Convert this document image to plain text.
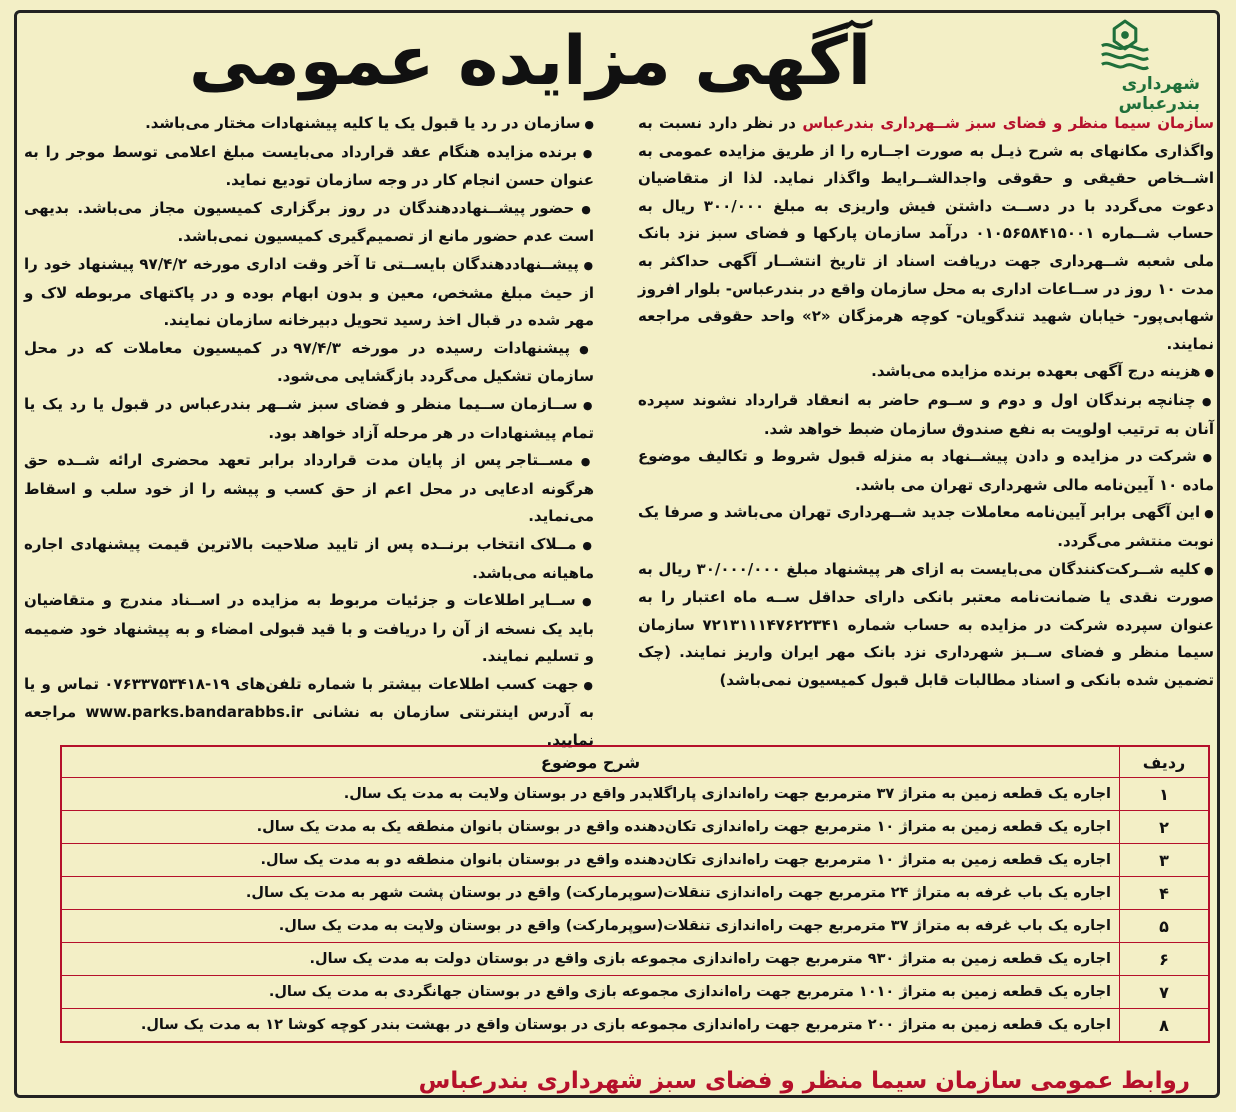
شهرداری بندرعباس
آگهی مزایده عمومی

سازمان سیما منظر و فضای سبز شــهرداری بندرعباس در نظر دارد نسبت به واگذاری مکانهای به شرح ذیـل به صورت اجــاره را از طریق مزایده عمومی به اشــخاص حقیقی و حقوقی واجدالشــرایط واگذار نماید. لذا از متقاضیان دعوت می‌گردد با در دســت داشتن فیش واریزی به مبلغ ۳۰۰/۰۰۰ ریال به حساب شــماره ۰۱۰۵۶۵۸۴۱۵۰۰۱ درآمد سازمان پارکها و فضای سبز نزد بانک ملی شعبه شــهرداری جهت دریافت اسناد از تاریخ انتشــار آگهی حداکثر به مدت ۱۰ روز در ســاعات اداری به محل سازمان واقع در بندرعباس- بلوار افروز شهابی‌پور- خیابان شهید تندگویان- کوچه هرمزگان «۲» واحد حقوقی مراجعه نمایند.

● هزینه درج آگهی بعهده برنده مزایده می‌باشد.

● چنانچه برندگان اول و دوم و ســوم حاضر به انعقاد قرارداد نشوند سپرده آنان به ترتیب اولویت به نفع صندوق سازمان ضبط خواهد شد.

● شرکت در مزایده و دادن پیشــنهاد به منزله قبول شروط و تکالیف موضوع ماده ۱۰ آیین‌نامه مالی شهرداری تهران می باشد.

● این آگهی برابر آیین‌نامه معاملات جدید شــهرداری تهران می‌باشد و صرفا یک نوبت منتشر می‌گردد.

● کلیه شــرکت‌کنندگان می‌بایست به ازای هر پیشنهاد مبلغ ۳۰/۰۰۰/۰۰۰ ریال به صورت نقدی یا ضمانت‌نامه معتبر بانکی دارای حداقل ســه ماه اعتبار را به عنوان سپرده شرکت در مزایده به حساب شماره ۷۲۱۳۱۱۱۴۷۶۲۲۳۴۱ سازمان سیما منظر و فضای ســبز شهرداری نزد بانک مهر ایران واریز نمایند. (چک تضمین شده بانکی و اسناد مطالبات قابل قبول کمیسیون نمی‌باشد)

● سازمان در رد یا قبول یک یا کلیه پیشنهادات مختار می‌باشد.

● برنده مزایده هنگام عقد قرارداد می‌بایست مبلغ اعلامی توسط موجر را به عنوان حسن انجام کار در وجه سازمان تودیع نماید.

● حضور پیشــنهاددهندگان در روز برگزاری کمیسیون مجاز می‌باشد. بدیهی است عدم حضور مانع از تصمیم‌گیری کمیسیون نمی‌باشد.

● پیشــنهاددهندگان بایســتی تا آخر وقت اداری مورخه ۹۷/۴/۲ پیشنهاد خود را از حیث مبلغ مشخص، معین و بدون ابهام بوده و در پاکتهای مربوطه لاک و مهر شده در قبال اخذ رسید تحویل دبیرخانه سازمان نمایند.

● پیشنهادات رسیده در مورخه ۹۷/۴/۳ در کمیسیون معاملات که در محل سازمان تشکیل می‌گردد بازگشایی می‌شود.

● ســازمان ســیما منظر و فضای سبز شــهر بندرعباس در قبول یا رد یک یا تمام پیشنهادات در هر مرحله آزاد خواهد بود.

● مســتاجر پس از پایان مدت قرارداد برابر تعهد محضری ارائه شــده حق هرگونه ادعایی در محل اعم از حق کسب و پیشه را از خود سلب و اسقاط می‌نماید.

● مــلاک انتخاب برنــده پس از تایید صلاحیت بالاترین قیمت پیشنهادی اجاره ماهیانه می‌باشد.

● ســایر اطلاعات و جزئیات مربوط به مزایده در اســناد مندرج و متقاضیان باید یک نسخه از آن را دریافت و با قید قبولی امضاء و به پیشنهاد خود ضمیمه و تسلیم نمایند.

● جهت کسب اطلاعات بیشتر با شماره تلفن‌های ۱۹-۰۷۶۳۳۷۵۳۴۱۸ تماس و یا به آدرس اینترنتی سازمان به نشانی www.parks.bandarabbs.ir مراجعه نمایید.

ردیف	شرح موضوع
۱	اجاره یک قطعه زمین به متراژ ۳۷ مترمربع جهت راه‌اندازی پاراگلایدر واقع در بوستان ولایت به مدت یک سال.
۲	اجاره یک قطعه زمین به متراژ ۱۰ مترمربع جهت راه‌اندازی تکان‌دهنده واقع در بوستان بانوان منطقه یک به مدت یک سال.
۳	اجاره یک قطعه زمین به متراژ ۱۰ مترمربع جهت راه‌اندازی تکان‌دهنده واقع در بوستان بانوان منطقه دو به مدت یک سال.
۴	اجاره یک باب غرفه به متراژ ۲۴ مترمربع جهت راه‌اندازی تنقلات(سوپرمارکت) واقع در بوستان پشت شهر به مدت یک سال.
۵	اجاره یک باب غرفه به متراژ ۳۷ مترمربع جهت راه‌اندازی تنقلات(سوپرمارکت) واقع در بوستان ولایت به مدت یک سال.
۶	اجاره یک قطعه زمین به متراژ ۹۳۰ مترمربع جهت راه‌اندازی مجموعه بازی واقع در بوستان دولت به مدت یک سال.
۷	اجاره یک قطعه زمین به متراژ ۱۰۱۰ مترمربع جهت راه‌اندازی مجموعه بازی واقع در بوستان جهانگردی به مدت یک سال.
۸	اجاره یک قطعه زمین به متراژ ۲۰۰ مترمربع جهت راه‌اندازی مجموعه بازی در بوستان واقع در بهشت بندر کوچه کوشا ۱۲ به مدت یک سال.
روابط عمومی سازمان سیما منظر و فضای سبز شهرداری بندرعباس
